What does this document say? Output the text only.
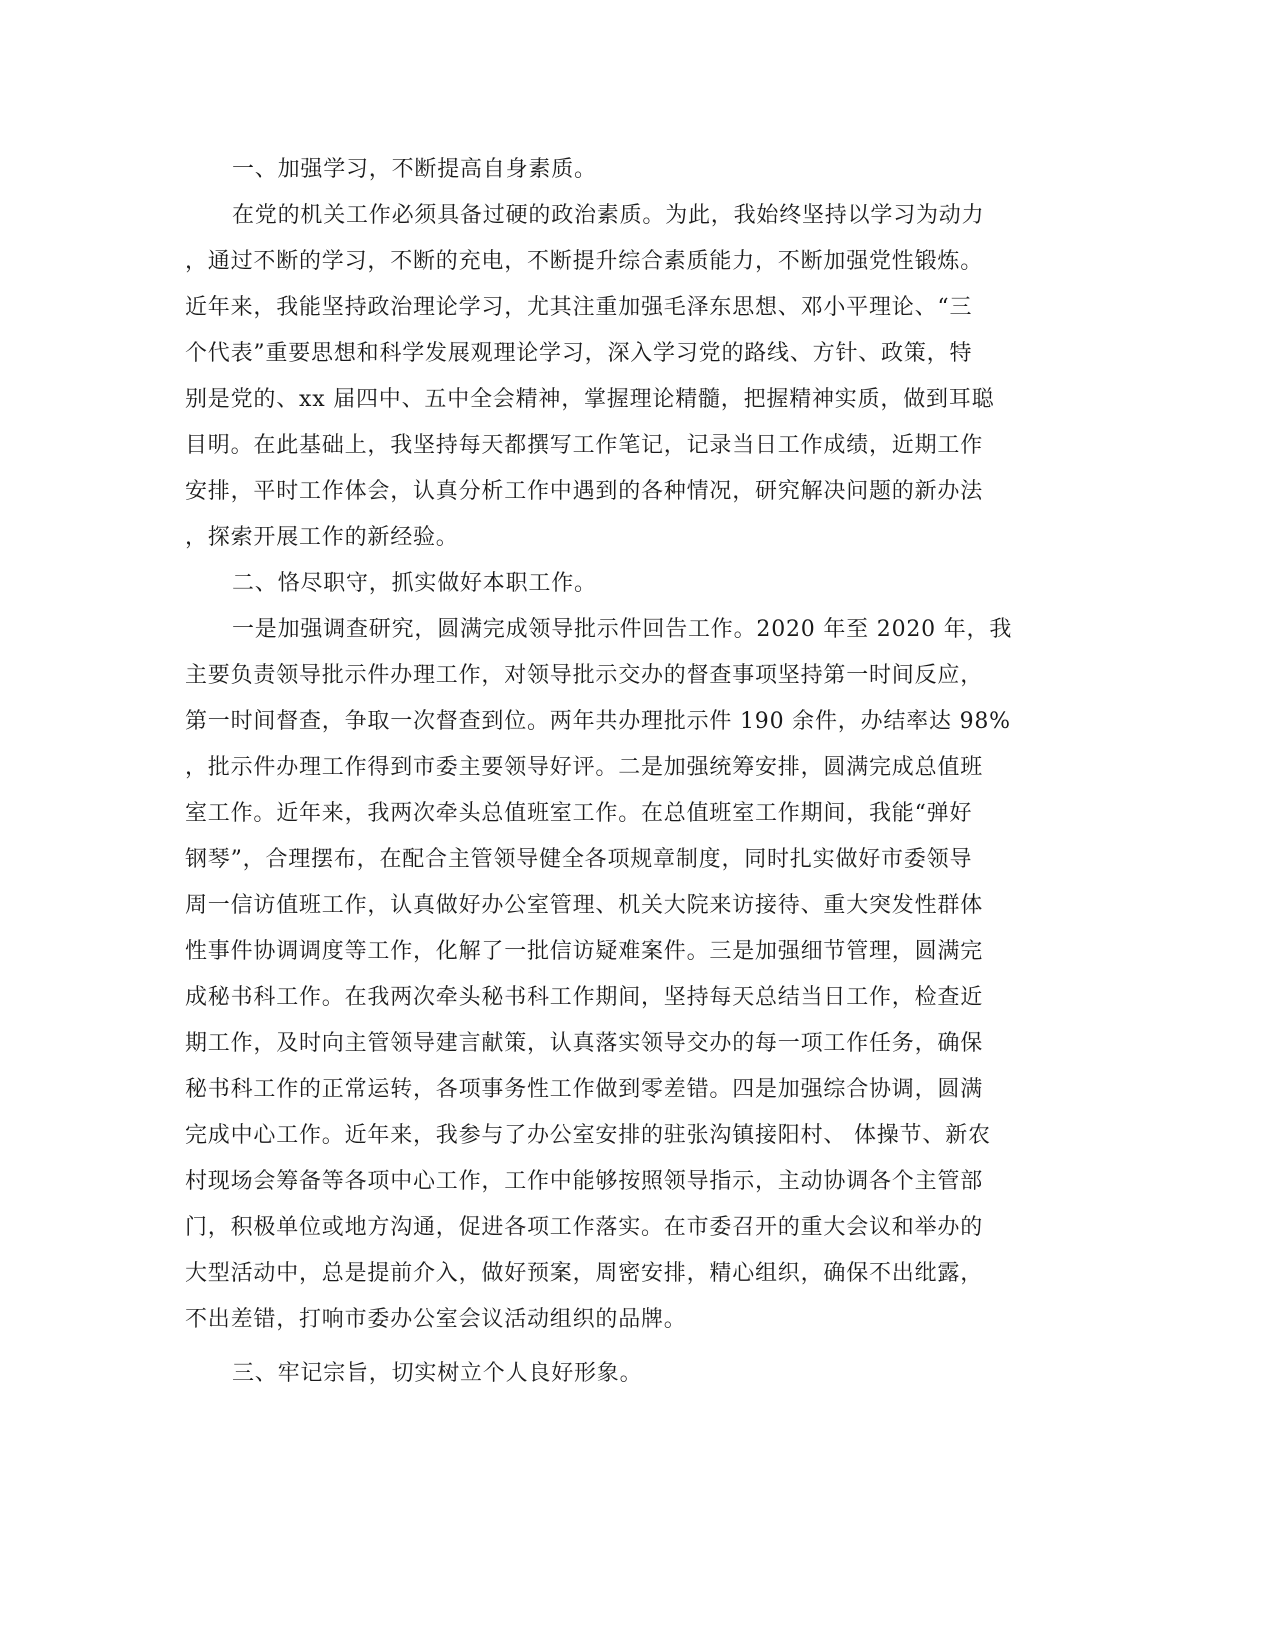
一、加强学习，不断提高自身素质。
在党的机关工作必须具备过硬的政治素质。为此，我始终坚持以学习为动力
，通过不断的学习，不断的充电，不断提升综合素质能力，不断加强党性锻炼。
近年来，我能坚持政治理论学习，尤其注重加强毛泽东思想、邓小平理论、“三
个代表”重要思想和科学发展观理论学习，深入学习党的路线、方针、政策，特
别是党的、xx 届四中、五中全会精神，掌握理论精髓，把握精神实质，做到耳聪
目明。在此基础上，我坚持每天都撰写工作笔记，记录当日工作成绩，近期工作
安排，平时工作体会，认真分析工作中遇到的各种情况，研究解决问题的新办法
，探索开展工作的新经验。
二、恪尽职守，抓实做好本职工作。
一是加强调查研究，圆满完成领导批示件回告工作。2020 年至 2020 年，我
主要负责领导批示件办理工作，对领导批示交办的督查事项坚持第一时间反应，
第一时间督查，争取一次督查到位。两年共办理批示件 190 余件，办结率达 98%
，批示件办理工作得到市委主要领导好评。二是加强统筹安排，圆满完成总值班
室工作。近年来，我两次牵头总值班室工作。在总值班室工作期间，我能“弹好
钢琴”，合理摆布，在配合主管领导健全各项规章制度，同时扎实做好市委领导
周一信访值班工作，认真做好办公室管理、机关大院来访接待、重大突发性群体
性事件协调调度等工作，化解了一批信访疑难案件。三是加强细节管理，圆满完
成秘书科工作。在我两次牵头秘书科工作期间，坚持每天总结当日工作，检查近
期工作，及时向主管领导建言献策，认真落实领导交办的每一项工作任务，确保
秘书科工作的正常运转，各项事务性工作做到零差错。四是加强综合协调，圆满
完成中心工作。近年来，我参与了办公室安排的驻张沟镇接阳村、 体操节、新农
村现场会筹备等各项中心工作，工作中能够按照领导指示，主动协调各个主管部
门，积极单位或地方沟通，促进各项工作落实。在市委召开的重大会议和举办的
大型活动中，总是提前介入，做好预案，周密安排，精心组织，确保不出纰露，
不出差错，打响市委办公室会议活动组织的品牌。
三、牢记宗旨，切实树立个人良好形象。
